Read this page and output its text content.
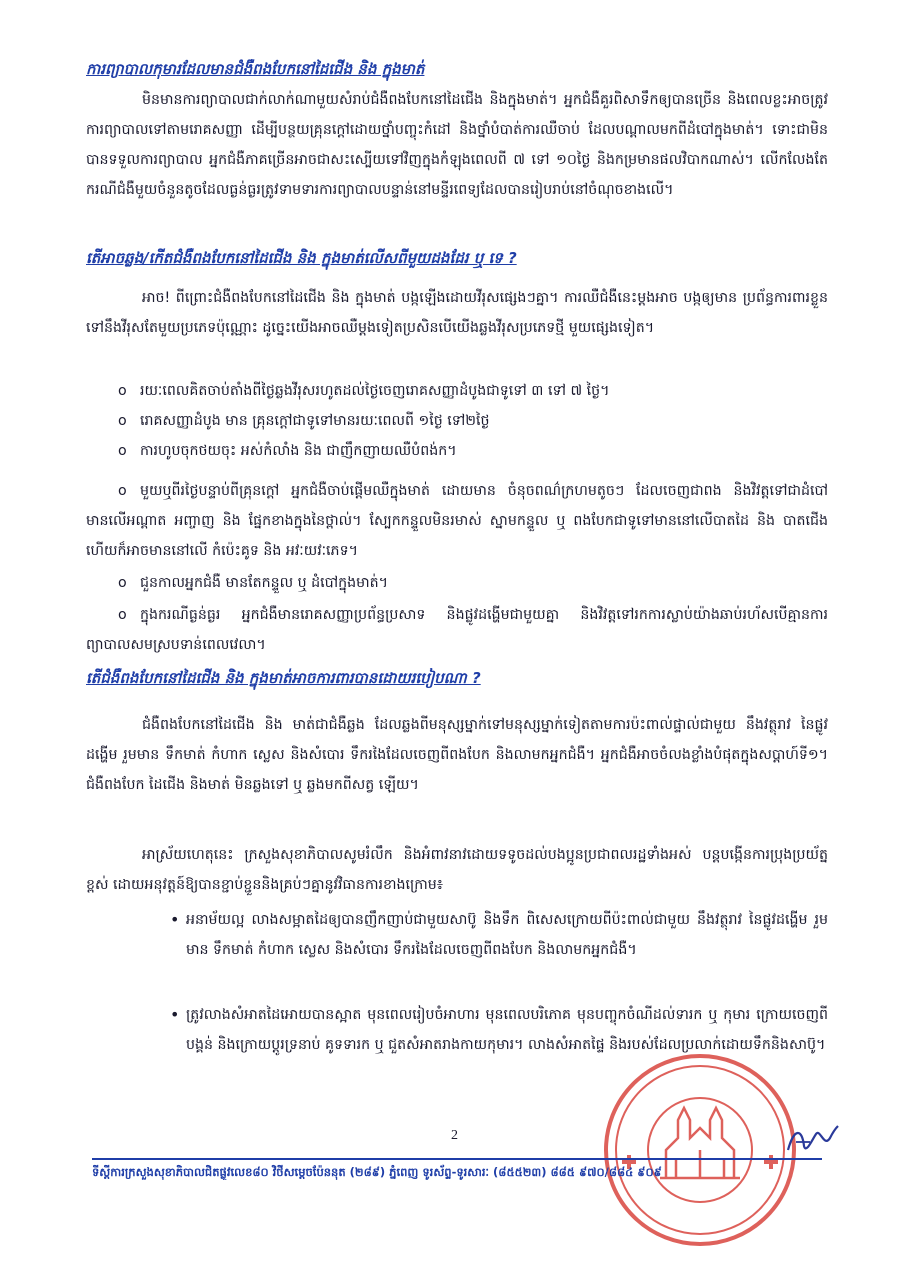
ការព្យាបាលកុមារដែលមានជំងឺពងបែកនៅដៃជើង និង ក្នុងមាត់

មិនមានការព្យាបាលជាក់លាក់ណាមួយសំរាប់ជំងឺពងបែកនៅដៃជើង និងក្នុងមាត់។ អ្នកជំងឺគួរពិសាទឹកឲ្យបានច្រើន និងពេលខ្លះអាចត្រូវការព្យាបាលទៅតាមរោគសញ្ញា ដើម្បីបន្ថយគ្រុនក្តៅដោយថ្នាំបញ្ចុះកំដៅ និងថ្នាំបំបាត់ការឈឺចាប់ ដែលបណ្តាលមកពីដំបៅក្នុងមាត់។ ទោះជាមិនបានទទួលការព្យាបាល អ្នកជំងឺភាគច្រើនអាចជាសះស្បើយទៅវិញក្នុងកំឡុងពេលពី ៧ ទៅ ១០ថ្ងៃ និងកម្រមានផលវិបាកណាស់។ លើកលែងតែករណីជំងឺមួយចំនួនតូចដែលធ្ងន់ធ្ងរត្រូវទាមទារការព្យាបាលបន្ទាន់នៅមន្ទីរពេទ្យដែលបានរៀបរាប់នៅចំណុចខាងលើ។

តើអាចឆ្លង/កើតជំងឺពងបែកនៅដៃជើង និង ក្នុងមាត់លើសពីមួយដងដែរ ឬ ទេ ?

អាច! ពីព្រោះជំងឺពងបែកនៅដៃជើង និង ក្នុងមាត់ បង្កឡើងដោយវីរុសផ្សេងៗគ្នា។ ការឈឺជំងឺនេះម្តងអាច បង្កឲ្យមាន ប្រព័ន្ធការពារខ្លួនទៅនឹងវីរុសតែមួយប្រភេទប៉ុណ្ណោះ ដូច្នេះយើងអាចឈឺម្តងទៀតប្រសិនបើយើងឆ្លងវីរុសប្រភេទថ្មី មួយផ្សេងទៀត។

o រយៈពេលគិតចាប់តាំងពីថ្ងៃឆ្លងវីរុសរហូតដល់ថ្ងៃចេញរោគសញ្ញាដំបូងជាទូទៅ ៣ ទៅ ៧ ថ្ងៃ។

o រោគសញ្ញាដំបូង មាន គ្រុនក្តៅជាទូទៅមានរយៈពេលពី ១ថ្ងៃ ទៅ២ថ្ងៃ

o ការហូបចុកថយចុះ អស់កំលាំង និង ជាញឹកញាយឈឺបំពង់ក។

o មួយឬពីរថ្ងៃបន្ទាប់ពីគ្រុនក្តៅ អ្នកជំងឺចាប់ផ្តើមឈឺក្នុងមាត់ ដោយមាន ចំនុចពណ៌ក្រហមតូចៗ ដែលចេញជាពង និងវិវត្តទៅជាដំបៅមានលើអណ្តាត អញ្ចាញ និង ផ្នែកខាងក្នុងនៃថ្ពាល់។ ស្បែកកន្ទួលមិនរមាស់ ស្នាមកន្ទួល ឬ ពងបែកជាទូទៅមាននៅលើបាតដៃ និង បាតជើង ហើយក៏អាចមាននៅលើ កំប៉េះគូទ និង អវៈយវៈភេទ។

o ជួនកាលអ្នកជំងឺ មានតែកន្ទួល ឬ ដំបៅក្នុងមាត់។

o ក្នុងករណីធ្ងន់ធ្ងរ អ្នកជំងឺមានរោគសញ្ញាប្រព័ន្ធប្រសាទ និងផ្លូវដង្ហើមជាមួយគ្នា និងវិវត្តទៅរកការស្លាប់យ៉ាងឆាប់រហ័សបើគ្មានការព្យាបាលសមស្របទាន់ពេលវេលា។

តើជំងឺពងបែកនៅដៃជើង និង ក្នុងមាត់អាចការពារបានដោយរបៀបណា ?

ជំងឺពងបែកនៅដៃជើង និង មាត់ជាជំងឺឆ្លង ដែលឆ្លងពីមនុស្សម្នាក់ទៅមនុស្សម្នាក់ទៀតតាមការប៉ះពាល់ផ្ទាល់ជាមួយ នឹងវត្ថុរាវ នៃផ្លូវដង្ហើម រួមមាន ទឹកមាត់ កំហាក ស្លេស និងសំបោរ ទឹករងៃដែលចេញពីពងបែក និងលាមកអ្នកជំងឺ។ អ្នកជំងឺអាចចំលងខ្លាំងបំផុតក្នុងសប្តាហ៍ទី១។ ជំងឺពងបែក ដៃជើង និងមាត់ មិនឆ្លងទៅ ឬ ឆ្លងមកពីសត្វ ឡើយ។

អាស្រ័យហេតុនេះ ក្រសួងសុខាភិបាលសូមរំលឹក និងអំពាវនាវដោយទទូចដល់បងប្អូនប្រជាពលរដ្ឋទាំងអស់ បន្តបង្កើនការប្រុងប្រយ័ត្នខ្ពស់ ដោយអនុវត្តន៍ឱ្យបានខ្ជាប់ខ្ជួននិងគ្រប់ៗគ្នានូវវិធានការខាងក្រោម៖

• អនាម័យល្អ លាងសម្អាតដៃឲ្យបានញឹកញាប់ជាមួយសាប៊ូ និងទឹក ពិសេសក្រោយពីប៉ះពាល់ជាមួយ នឹងវត្ថុរាវ នៃផ្លូវដង្ហើម រួមមាន ទឹកមាត់ កំហាក ស្លេស និងសំបោរ ទឹករងៃដែលចេញពីពងបែក និងលាមកអ្នកជំងឺ។

• ត្រូវលាងសំអាតដៃអោយបានស្អាត មុនពេលរៀបចំអាហារ មុនពេលបរិភោគ មុនបញ្ចុកចំណីដល់ទារក ឬ កុមារ ក្រោយចេញពីបង្គន់ និងក្រោយប្តូរទ្រនាប់ គូទទារក ឬ ជួតសំអាតរាងកាយកុមារ។ លាងសំអាតផ្ទៃ និងរបស់ដែលប្រលាក់ដោយទឹកនិងសាប៊ូ។

2
ទីស្តីការក្រសួងសុខាភិបាលជិតផ្លូវលេខ៨០ វិថីសម្តេចប៉ែននុត (២៨៩) ភ្នំពេញ ទូរស័ព្ទ-ទូរសារៈ (៨៥៥២៣) ៨៨៥ ៩៧០/៨៨៤ ៩០៩
